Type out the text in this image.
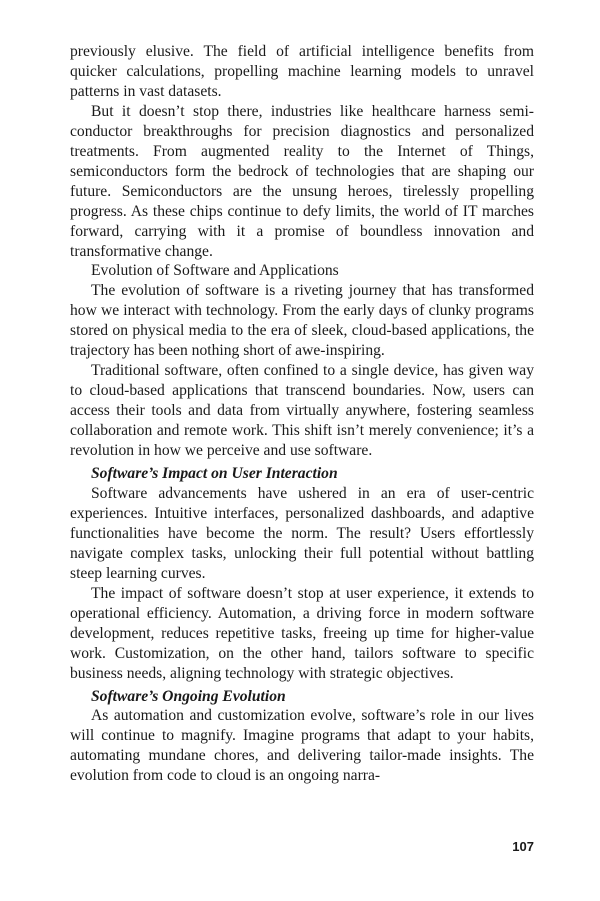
previously elusive. The field of artificial intelligence benefits from quicker calculations, propelling machine learning models to unravel patterns in vast datasets.

But it doesn’t stop there, industries like healthcare harness semiconductor breakthroughs for precision diagnostics and personalized treatments. From augmented reality to the Internet of Things, semiconductors form the bedrock of technologies that are shaping our future. Semiconductors are the unsung heroes, tirelessly propelling progress. As these chips continue to defy limits, the world of IT marches forward, carrying with it a promise of boundless innovation and transformative change.

Evolution of Software and Applications

The evolution of software is a riveting journey that has transformed how we interact with technology. From the early days of clunky programs stored on physical media to the era of sleek, cloud-based applications, the trajectory has been nothing short of awe-inspiring.

Traditional software, often confined to a single device, has given way to cloud-based applications that transcend boundaries. Now, users can access their tools and data from virtually anywhere, fostering seamless collaboration and remote work. This shift isn’t merely convenience; it’s a revolution in how we perceive and use software.

Software’s Impact on User Interaction

Software advancements have ushered in an era of user-centric experiences. Intuitive interfaces, personalized dashboards, and adaptive functionalities have become the norm. The result? Users effortlessly navigate complex tasks, unlocking their full potential without battling steep learning curves.

The impact of software doesn’t stop at user experience, it extends to operational efficiency. Automation, a driving force in modern software development, reduces repetitive tasks, freeing up time for higher-value work. Customization, on the other hand, tailors software to specific business needs, aligning technology with strategic objectives.

Software’s Ongoing Evolution

As automation and customization evolve, software’s role in our lives will continue to magnify. Imagine programs that adapt to your habits, automating mundane chores, and delivering tailor-made insights. The evolution from code to cloud is an ongoing narra-

107
